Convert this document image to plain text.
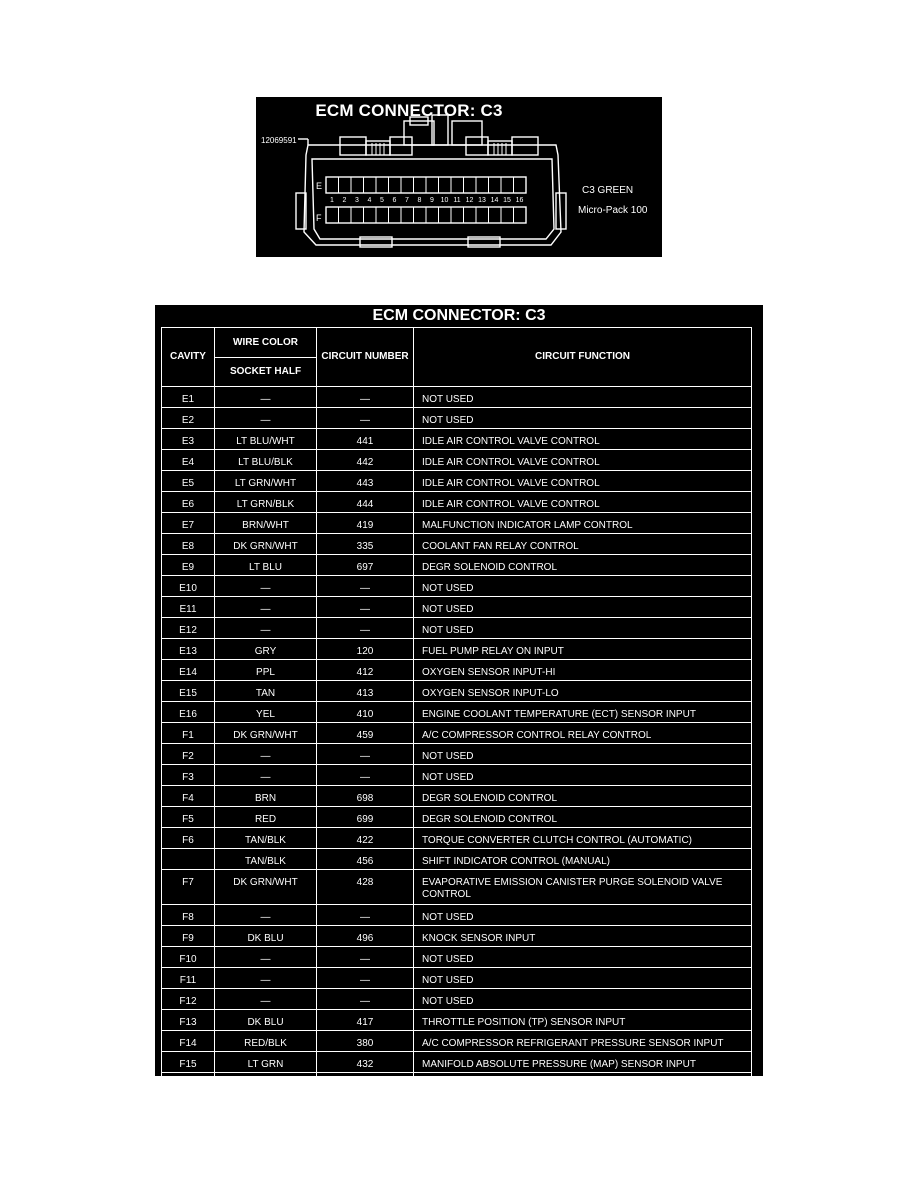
ECM CONNECTOR: C3
12069591
E
F
1	2	3	4	5	6	7	8	9 10 11 12 13 14 15 16
C3 GREEN
Micro-Pack 100
ECM CONNECTOR: C3
CAVITY	WIRE COLOR	CIRCUIT NUMBER	CIRCUIT FUNCTION
	SOCKET HALF		
E1	—	—	NOT USED
E2	—	—	NOT USED
E3	LT BLU/WHT	441	IDLE AIR CONTROL VALVE CONTROL
E4	LT BLU/BLK	442	IDLE AIR CONTROL VALVE CONTROL
E5	LT GRN/WHT	443	IDLE AIR CONTROL VALVE CONTROL
E6	LT GRN/BLK	444	IDLE AIR CONTROL VALVE CONTROL
E7	BRN/WHT	419	MALFUNCTION INDICATOR LAMP CONTROL
E8	DK GRN/WHT	335	COOLANT FAN RELAY CONTROL
E9	LT BLU	697	DEGR SOLENOID CONTROL
E10	—	—	NOT USED
E11	—	—	NOT USED
E12	—	—	NOT USED
E13	GRY	120	FUEL PUMP RELAY ON INPUT
E14	PPL	412	OXYGEN SENSOR INPUT-HI
E15	TAN	413	OXYGEN SENSOR INPUT-LO
E16	YEL	410	ENGINE COOLANT TEMPERATURE (ECT) SENSOR INPUT
F1	DK GRN/WHT	459	A/C COMPRESSOR CONTROL RELAY CONTROL
F2	—	—	NOT USED
F3	—	—	NOT USED
F4	BRN	698	DEGR SOLENOID CONTROL
F5	RED	699	DEGR SOLENOID CONTROL
F6	TAN/BLK	422	TORQUE CONVERTER CLUTCH CONTROL (AUTOMATIC)
	TAN/BLK	456	SHIFT INDICATOR CONTROL (MANUAL)
F7	DK GRN/WHT	428	EVAPORATIVE EMISSION CANISTER PURGE SOLENOID VALVE CONTROL
F8	—	—	NOT USED
F9	DK BLU	496	KNOCK SENSOR INPUT
F10	—	—	NOT USED
F11	—	—	NOT USED
F12	—	—	NOT USED
F13	DK BLU	417	THROTTLE POSITION (TP) SENSOR INPUT
F14	RED/BLK	380	A/C COMPRESSOR REFRIGERANT PRESSURE SENSOR INPUT
F15	LT GRN	432	MANIFOLD ABSOLUTE PRESSURE (MAP) SENSOR INPUT
F16	TAN	472	INTAKE AIR TEMPERATURE (IAT) SENSOR INPUT
